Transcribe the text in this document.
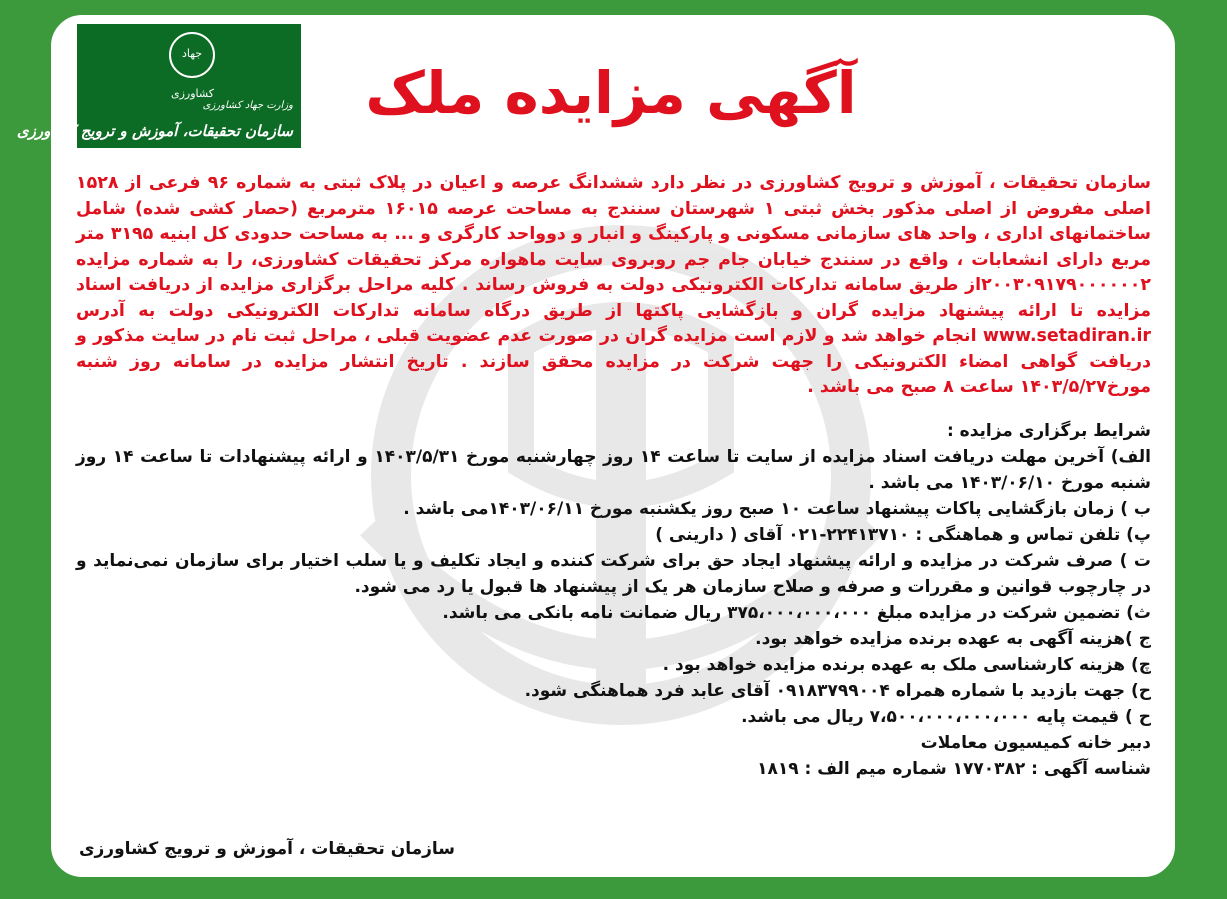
جهاد کشاورزی
وزارت جهاد کشاورزی
سازمان تحقیقات، آموزش و ترویج کشاورزی
آگهی مزایده ملک

سازمان تحقیقات ، آموزش و ترویج کشاورزی در نظر دارد ششدانگ عرصه و اعیان در پلاک ثبتی به شماره ۹۶ فرعی از ۱۵۲۸ اصلی مفروض از اصلی مذکور بخش ثبتی ۱ شهرستان سنندج به مساحت عرصه ۱۶۰۱۵ مترمربع (حصار کشی شده) شامل ساختمانهای اداری ، واحد های سازمانی مسکونی و پارکینگ و انبار و دوواحد کارگری و ... به مساحت حدودی کل ابنیه ۳۱۹۵ متر مربع دارای انشعابات ، واقع در سنندج خیابان جام جم روبروی سایت ماهواره مرکز تحقیقات کشاورزی، را به شماره مزایده ۲۰۰۳۰۹۱۷۹۰۰۰۰۰۰۲از طریق سامانه تدارکات الکترونیکی دولت به فروش رساند . کلیه مراحل برگزاری مزایده از دریافت اسناد مزایده تا ارائه پیشنهاد مزایده گران و بازگشایی پاکتها از طریق درگاه سامانه تدارکات الکترونیکی دولت به آدرس www.setadiran.ir انجام خواهد شد و لازم است مزایده گران در صورت عدم عضویت قبلی ، مراحل ثبت نام در سایت مذکور و دریافت گواهی امضاء الکترونیکی را جهت شرکت در مزایده محقق سازند . تاریخ انتشار مزایده در سامانه روز شنبه مورخ۱۴۰۳/۵/۲۷ ساعت ۸ صبح می باشد .

شرایط برگزاری مزایده :

الف) آخرین مهلت دریافت اسناد مزایده از سایت تا ساعت ۱۴ روز چهارشنبه مورخ ۱۴۰۳/۵/۳۱ و ارائه پیشنهادات تا ساعت ۱۴ روز شنبه مورخ ۱۴۰۳/۰۶/۱۰ می باشد .

ب ) زمان بازگشایی پاکات پیشنهاد ساعت ۱۰ صبح روز یکشنبه مورخ ۱۴۰۳/۰۶/۱۱می باشد .

پ) تلفن تماس و هماهنگی : ۲۲۴۱۳۷۱۰-۰۲۱ آقای ( دارینی )

ت ) صرف شرکت در مزایده و ارائه پیشنهاد ایجاد حق برای شرکت کننده و ایجاد تکلیف و یا سلب اختیار برای سازمان نمی‌نماید و در چارچوب قوانین و مقررات و صرفه و صلاح سازمان هر یک از پیشنهاد ها قبول یا رد می شود.

ث) تضمین شرکت در مزایده مبلغ ۳۷۵،۰۰۰،۰۰۰،۰۰۰ ریال ضمانت نامه بانکی می باشد.

ج )هزینه آگهی به عهده برنده مزایده خواهد بود.

چ) هزینه کارشناسی ملک به عهده برنده مزایده خواهد بود .

ح) جهت بازدید با شماره همراه ۰۹۱۸۳۷۹۹۰۰۴ آقای عابد فرد هماهنگی شود.

ح ) قیمت پایه ۷،۵۰۰،۰۰۰،۰۰۰،۰۰۰ ریال می باشد.

دبیر خانه کمیسیون معاملات

شناسه آگهی : ۱۷۷۰۳۸۲ شماره میم الف : ۱۸۱۹

سازمان تحقیقات ، آموزش و ترویج کشاورزی
